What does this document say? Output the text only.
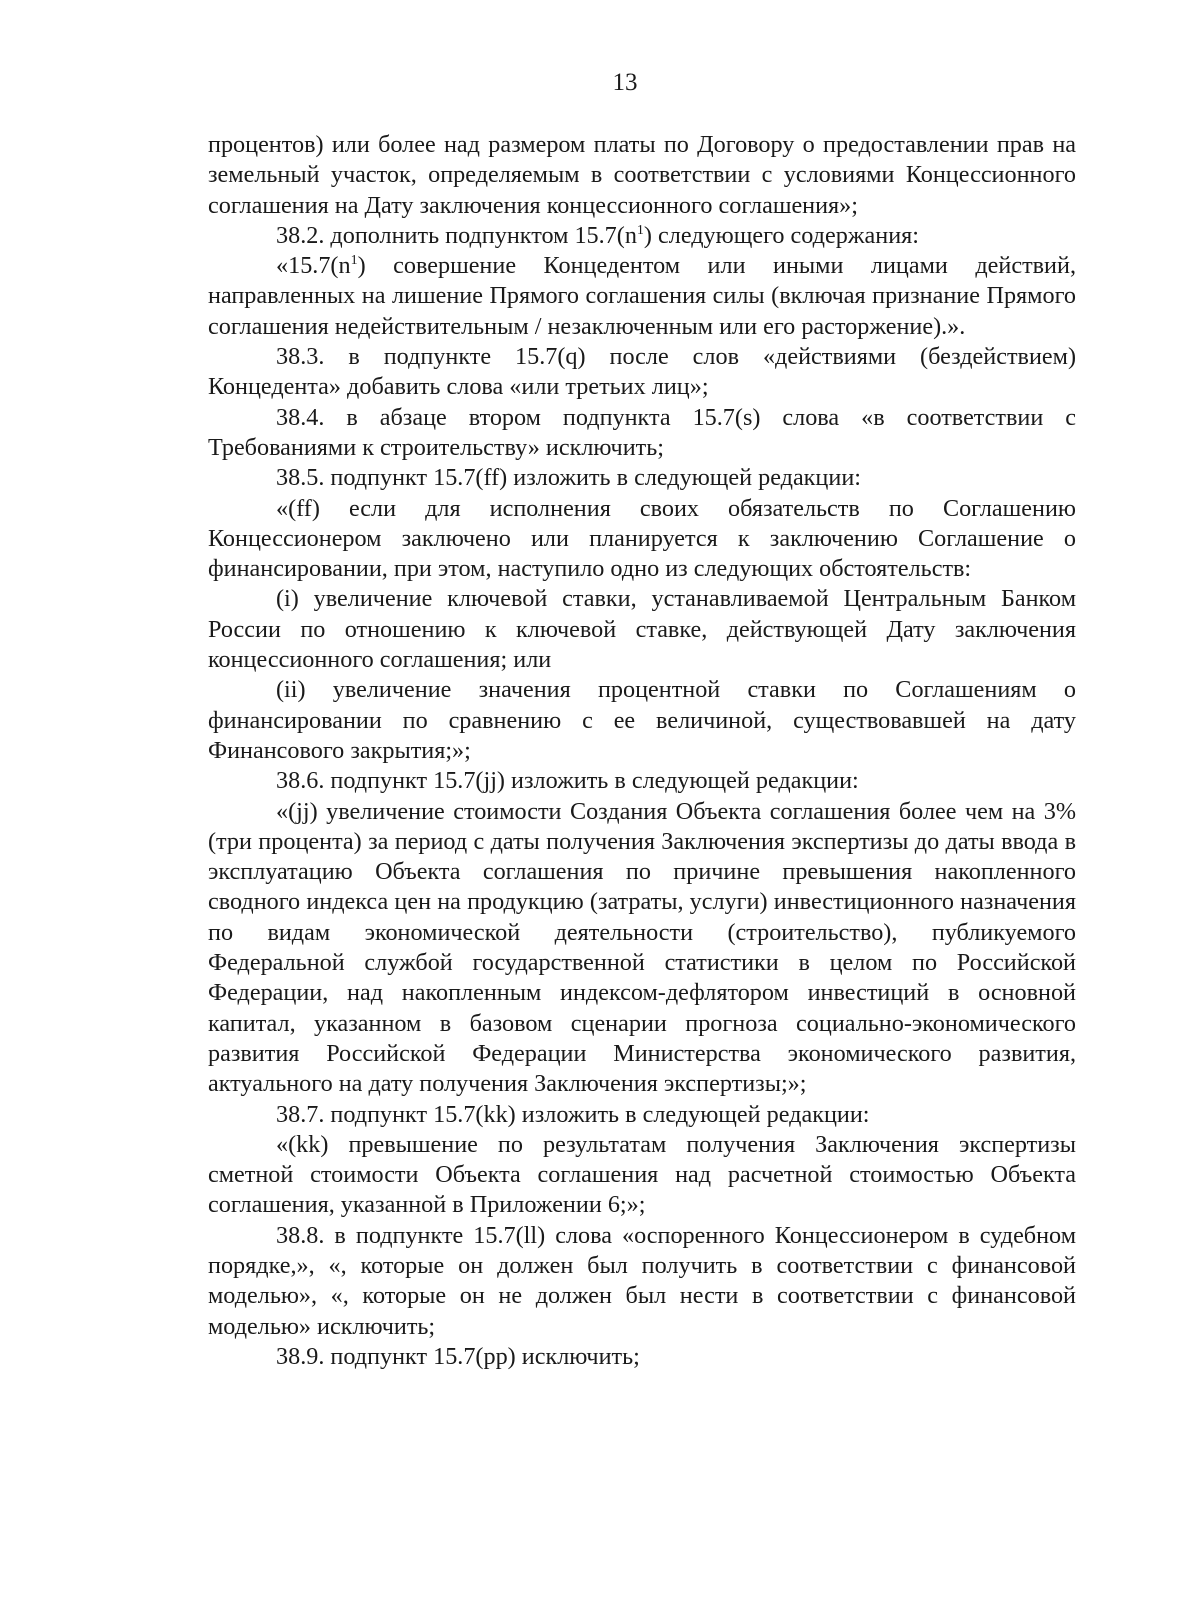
13

процентов) или более над размером платы по Договору о предоставлении прав на земельный участок, определяемым в соответствии с условиями Концессионного соглашения на Дату заключения концессионного соглашения»;

38.2. дополнить подпунктом $15.7(n^1)$ следующего содержания:

«$15.7(n^1)$ совершение Концедентом или иными лицами действий, направленных на лишение Прямого соглашения силы (включая признание Прямого соглашения недействительным / незаключенным или его расторжение).».

38.3. в подпункте 15.7(q) после слов «действиями (бездействием) Концедента» добавить слова «или третьих лиц»;

38.4. в абзаце втором подпункта 15.7(s) слова «в соответствии с Требованиями к строительству» исключить;

38.5. подпункт 15.7(ff) изложить в следующей редакции:

«(ff) если для исполнения своих обязательств по Соглашению Концессионером заключено или планируется к заключению Соглашение о финансировании, при этом, наступило одно из следующих обстоятельств:

(i) увеличение ключевой ставки, устанавливаемой Центральным Банком России по отношению к ключевой ставке, действующей Дату заключения концессионного соглашения; или

(ii) увеличение значения процентной ставки по Соглашениям о финансировании по сравнению с ее величиной, существовавшей на дату Финансового закрытия;»;

38.6. подпункт 15.7(jj) изложить в следующей редакции:

«(jj) увеличение стоимости Создания Объекта соглашения более чем на 3% (три процента) за период с даты получения Заключения экспертизы до даты ввода в эксплуатацию Объекта соглашения по причине превышения накопленного сводного индекса цен на продукцию (затраты, услуги) инвестиционного назначения по видам экономической деятельности (строительство), публикуемого Федеральной службой государственной статистики в целом по Российской Федерации, над накопленным индексом-дефлятором инвестиций в основной капитал, указанном в базовом сценарии прогноза социально-экономического развития Российской Федерации Министерства экономического развития, актуального на дату получения Заключения экспертизы;»;

38.7. подпункт 15.7(kk) изложить в следующей редакции:

«(kk) превышение по результатам получения Заключения экспертизы сметной стоимости Объекта соглашения над расчетной стоимостью Объекта соглашения, указанной в Приложении 6;»;

38.8. в подпункте 15.7(ll) слова «оспоренного Концессионером в судебном порядке,», «, которые он должен был получить в соответствии с финансовой моделью», «, которые он не должен был нести в соответствии с финансовой моделью» исключить;

38.9. подпункт 15.7(pp) исключить;
